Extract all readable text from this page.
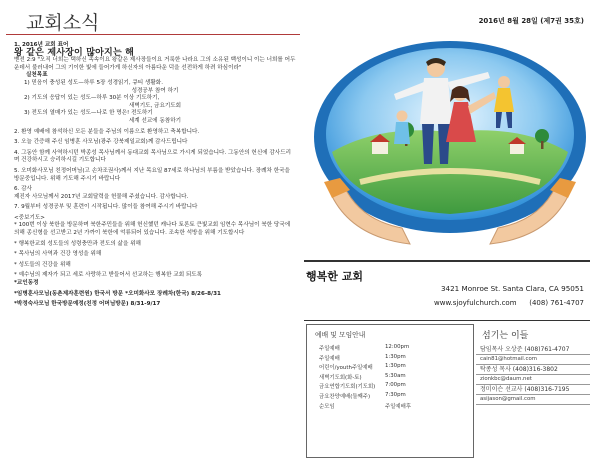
교회소식

1. 2016년 교회 표어

왕 같은 제사장이 많아지는 해

벧전 2:9 "오직 너희는 택하신 족속이요 왕같은 제사장들이요 거룩한 나라요 그의 소유된 백성이니 이는 너희를 어두운데서 불러내어 그의 기이한 빛에 들어가게 하신자의 아름다운 덕을 선전하게 하려 하심이라"

실천목표

1) 믿음이 충성된 성도—하루 5장 성경읽기, 큐티 생활화.

성경공부 참여 하기

2) 기도의 응답이 있는 성도—하루 30분 이상 기도하기,

새벽기도, 금요기도회

3) 전도의 열매가 있는 성도—나로 한 명은! 전도하기

세계 선교에 동참하기

2. 환영 예배에 참석하신 모든 분들을 주님의 이름으로 환영하고 축복합니다.

3. 오늘 간증해 주신 임병훈 사모님(광주 강북제일교회)께 감사드립니다

4. 그동안 함께 사역하시던 박종성 목사님께서 동대교회 목사님으로 가시게 되었습니다. 그동안의 헌신에 감사드리며 건강하시고 승리하시길 기도합니다

5. 오미화사모님 친정어머님(고 손차조권사)께서 지난 목요일 87세로 하나님의 부름을 받았습니다. 장례차 한국을 방문중입니다. 위해 기도해 주시기 바랍니다

6. 감사

제진자 사모님께서 2017년 교회달력을 헌물해 주셨습니다. 감사합니다.

7. 9월부터 성경공부 및 훈련이 시작됩니다. 많이들 참여해 주시기 바랍니다

<중보기도>

* 100번 이상 북한을 방문하며 북한주민들을 위해 헌신했던 캐나다 토론토 큰빛교회 임현수 목사님이 북한 당국에 의해 종신형을 선고받고 2년 가까이 북한에 억류되어 있습니다. 조속한 석방을 위해 기도합시다

* 행복한교회 성도들의 성령충만과 전도의 삶을 위해

* 목사님의 사역과 건강 영성을 위해

* 성도들의 건강을 위해

* 예수님의 제자가 되고 세로 사랑하고 받들어서 선교하는 행복한 교회 되도록

*교인동정

*임병훈사모님(동촌제자훈련원) 한국서 방문 *오미화사모 장례차(한국) 8/26-8/31

*박정숙사모님 한국방문예정(친정 어머님방문) 8/31-9/17

2016년 8월 28일 (제7권 35호)
행복한 교회
3421 Monroe St. Santa Clara, CA 95051
www.sjoyfulchurch.com (408) 761-4707
예배 및 모임안내
주일예배	12:00pm
주일예배	1:30pm
어린이/youth주일예배 1:30pm
새벽기도회(화-토)	5:30am
금요연합기도회(기도회) 7:00pm
금요찬양예배(둘째주)	7:30pm
순모임	주일예배후
섬기는 이들
담임목사 오상준 (408)761-4707
cain81@hotmail.com
탁종성 목사 (408)316-3802
zionkbc@daum.net
정미이슨 선교사 (408)316-7195
asijason@gmail.com
